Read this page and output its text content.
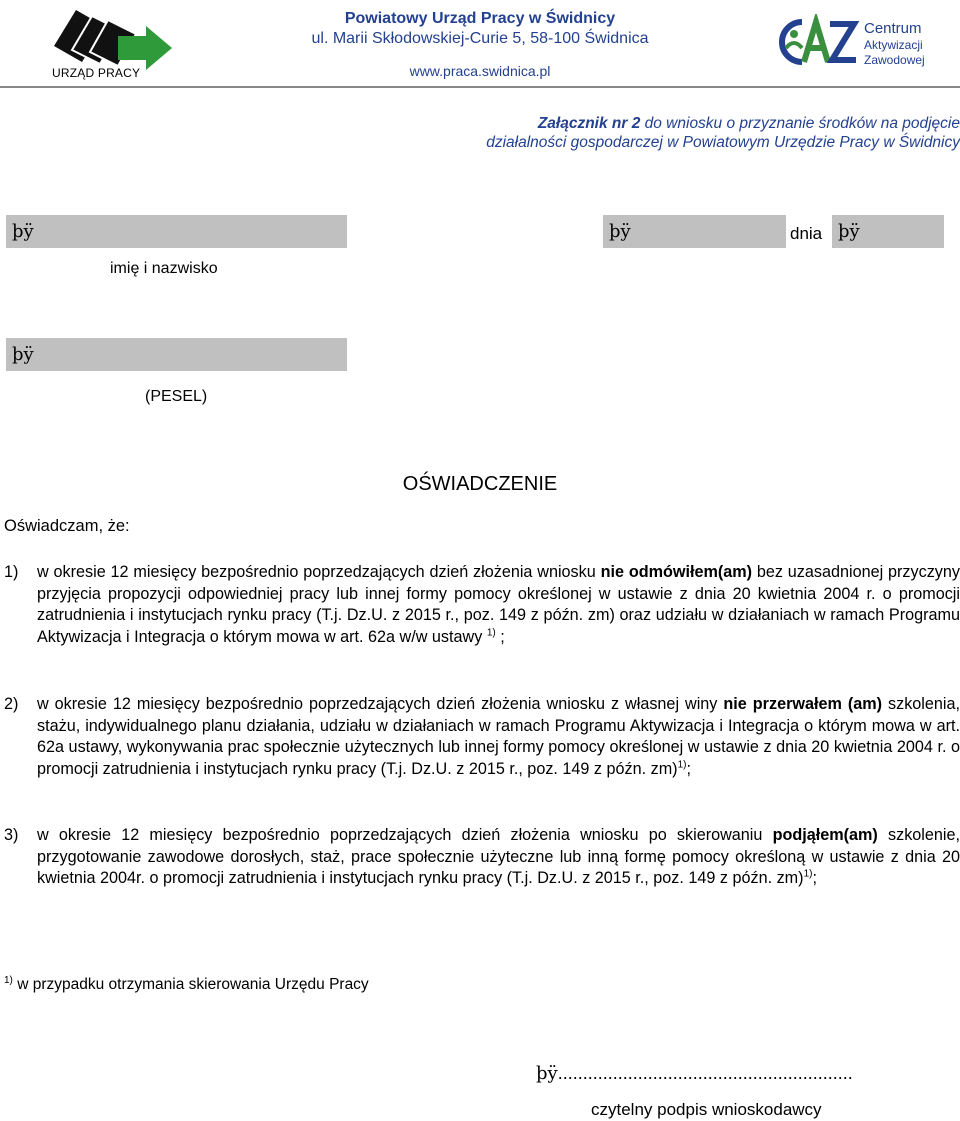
URZĄD PRACY
Powiatowy Urząd Pracy w Świdnicy
ul. Marii Skłodowskiej-Curie 5, 58-100 Świdnica
www.praca.swidnica.pl
Centrum
Aktywizacji
Zawodowej
Załącznik nr 2 do wniosku o przyznanie środków na podjęcie
działalności gospodarczej w Powiatowym Urzędzie Pracy w Świdnicy
þÿ	þÿ	dnia þÿ
imię i nazwisko
þÿ
(PESEL)
OŚWIADCZENIE
Oświadczam, że:
1) w okresie 12 miesięcy bezpośrednio poprzedzających dzień złożenia wniosku nie odmówiłem(am) bez uzasadnionej przyczyny przyjęcia propozycji odpowiedniej pracy lub innej formy pomocy określonej w ustawie z dnia 20 kwietnia 2004 r. o promocji zatrudnienia i instytucjach rynku pracy (T.j. Dz.U. z 2015 r., poz. 149 z późn. zm) oraz udziału w działaniach w ramach Programu Aktywizacja i Integracja o którym mowa w art. 62a w/w ustawy $^{1)}$ ;
2) w okresie 12 miesięcy bezpośrednio poprzedzających dzień złożenia wniosku z własnej winy nie przerwałem (am) szkolenia, stażu, indywidualnego planu działania, udziału w działaniach w ramach Programu Aktywizacja i Integracja o którym mowa w art. 62a ustawy, wykonywania prac społecznie użytecznych lub innej formy pomocy określonej w ustawie z dnia 20 kwietnia 2004 r. o promocji zatrudnienia i instytucjach rynku pracy (T.j. Dz.U. z 2015 r., poz. 149 z późn. zm)$^{1)}$;
3) w okresie 12 miesięcy bezpośrednio poprzedzających dzień złożenia wniosku po skierowaniu podjąłem(am) szkolenie, przygotowanie zawodowe dorosłych, staż, prace społecznie użyteczne lub inną formę pomocy określoną w ustawie z dnia 20 kwietnia 2004r. o promocji zatrudnienia i instytucjach rynku pracy (T.j. Dz.U. z 2015 r., poz. 149 z późn. zm)$^{1)}$;
$^{1)}$ w przypadku otrzymania skierowania Urzędu Pracy
þÿ...........................................................
czytelny podpis wnioskodawcy
